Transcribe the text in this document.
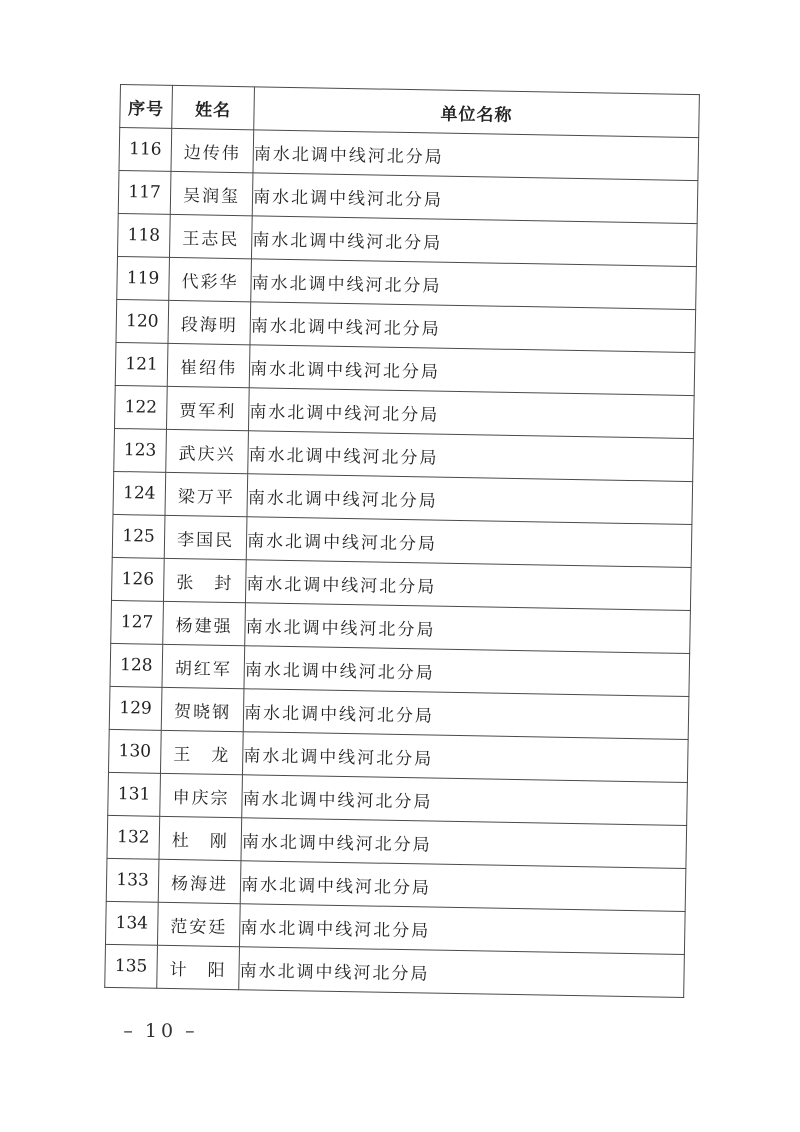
序号	姓名	单位名称
116	边传伟	南水北调中线河北分局
117	吴润玺	南水北调中线河北分局
118	王志民	南水北调中线河北分局
119	代彩华	南水北调中线河北分局
120	段海明	南水北调中线河北分局
121	崔绍伟	南水北调中线河北分局
122	贾军利	南水北调中线河北分局
123	武庆兴	南水北调中线河北分局
124	梁万平	南水北调中线河北分局
125	李国民	南水北调中线河北分局
126	张　封	南水北调中线河北分局
127	杨建强	南水北调中线河北分局
128	胡红军	南水北调中线河北分局
129	贺晓钢	南水北调中线河北分局
130	王　龙	南水北调中线河北分局
131	申庆宗	南水北调中线河北分局
132	杜　刚	南水北调中线河北分局
133	杨海进	南水北调中线河北分局
134	范安廷	南水北调中线河北分局
135	计　阳	南水北调中线河北分局
– 10 –
